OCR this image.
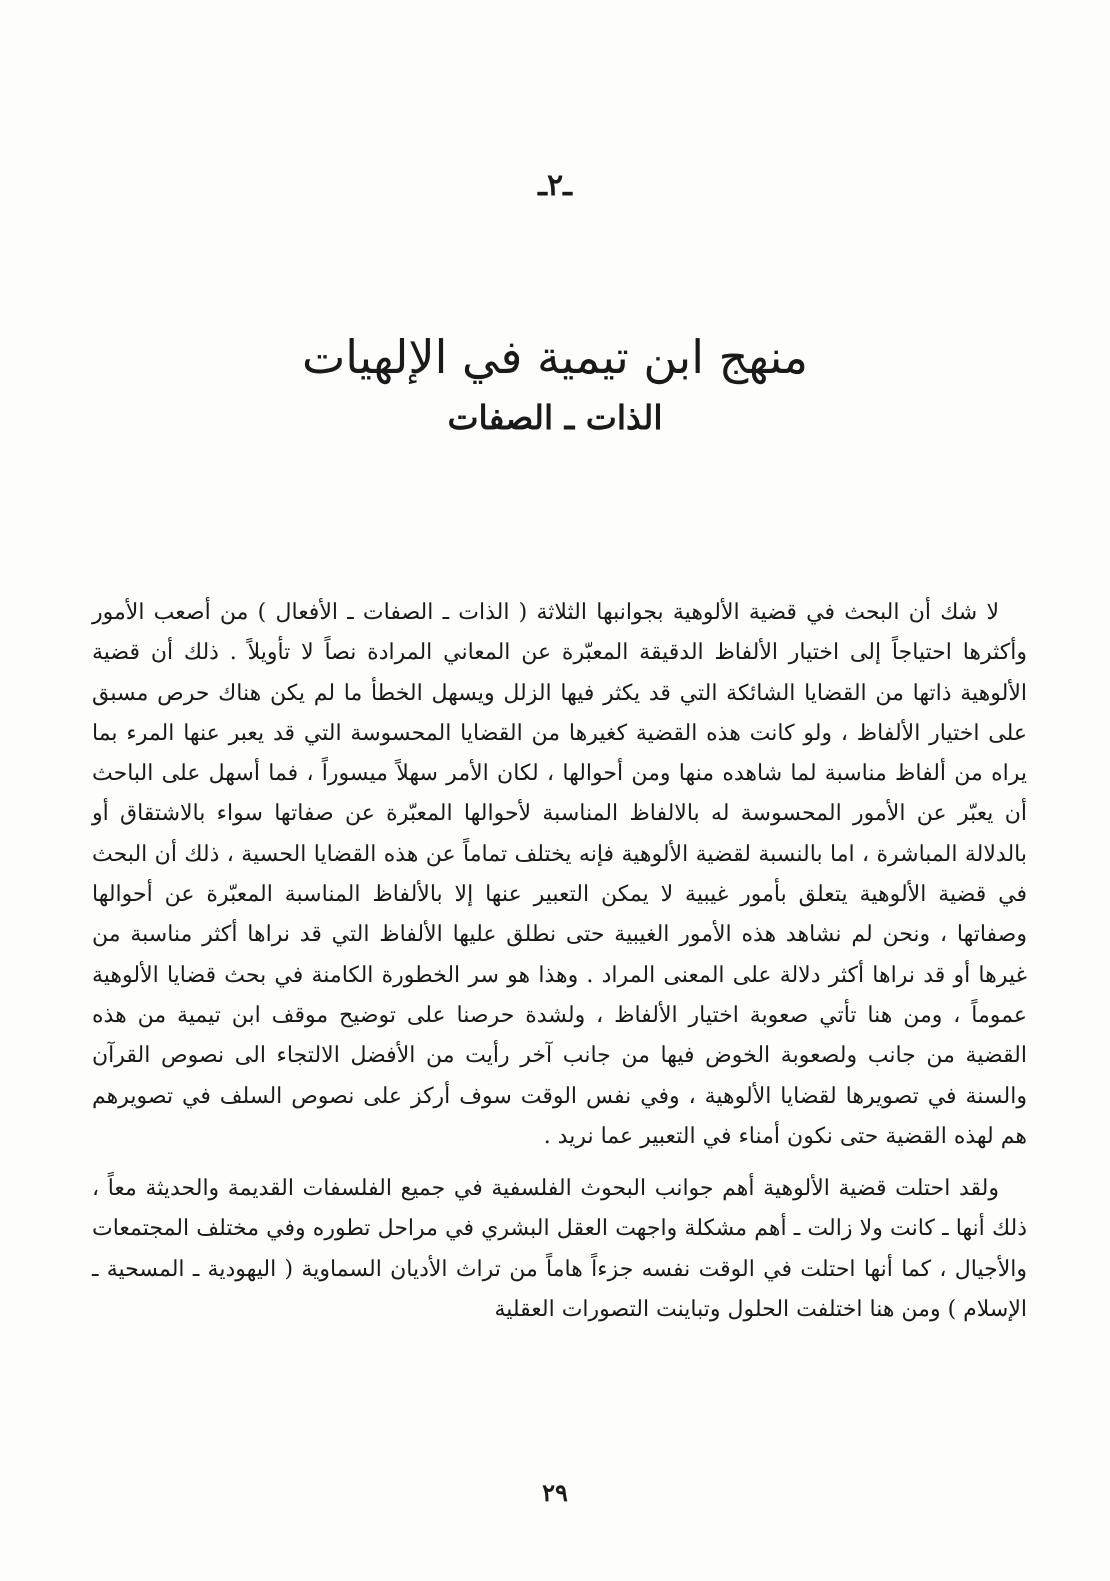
ـ٢ـ
منهج ابن تيمية في الإلهيات
الذات ـ الصفات

لا شك أن البحث في قضية الألوهية بجوانبها الثلاثة ( الذات ـ الصفات ـ الأفعال ) من أصعب الأمور وأكثرها احتياجاً إلى اختيار الألفاظ الدقيقة المعبّرة عن المعاني المرادة نصاً لا تأويلاً . ذلك أن قضية الألوهية ذاتها من القضايا الشائكة التي قد يكثر فيها الزلل ويسهل الخطأ ما لم يكن هناك حرص مسبق على اختيار الألفاظ ، ولو كانت هذه القضية كغيرها من القضايا المحسوسة التي قد يعبر عنها المرء بما يراه من ألفاظ مناسبة لما شاهده منها ومن أحوالها ، لكان الأمر سهلاً ميسوراً ، فما أسهل على الباحث أن يعبّر عن الأمور المحسوسة له بالالفاظ المناسبة لأحوالها المعبّرة عن صفاتها سواء بالاشتقاق أو بالدلالة المباشرة ، اما بالنسبة لقضية الألوهية فإنه يختلف تماماً عن هذه القضايا الحسية ، ذلك أن البحث في قضية الألوهية يتعلق بأمور غيبية لا يمكن التعبير عنها إلا بالألفاظ المناسبة المعبّرة عن أحوالها وصفاتها ، ونحن لم نشاهد هذه الأمور الغيبية حتى نطلق عليها الألفاظ التي قد نراها أكثر مناسبة من غيرها أو قد نراها أكثر دلالة على المعنى المراد . وهذا هو سر الخطورة الكامنة في بحث قضايا الألوهية عموماً ، ومن هنا تأتي صعوبة اختيار الألفاظ ، ولشدة حرصنا على توضيح موقف ابن تيمية من هذه القضية من جانب ولصعوبة الخوض فيها من جانب آخر رأيت من الأفضل الالتجاء الى نصوص القرآن والسنة في تصويرها لقضايا الألوهية ، وفي نفس الوقت سوف أركز على نصوص السلف في تصويرهم هم لهذه القضية حتى نكون أمناء في التعبير عما نريد .

ولقد احتلت قضية الألوهية أهم جوانب البحوث الفلسفية في جميع الفلسفات القديمة والحديثة معاً ، ذلك أنها ـ كانت ولا زالت ـ أهم مشكلة واجهت العقل البشري في مراحل تطوره وفي مختلف المجتمعات والأجيال ، كما أنها احتلت في الوقت نفسه جزءاً هاماً من تراث الأديان السماوية ( اليهودية ـ المسحية ـ الإسلام ) ومن هنا اختلفت الحلول وتباينت التصورات العقلية

٢٩
